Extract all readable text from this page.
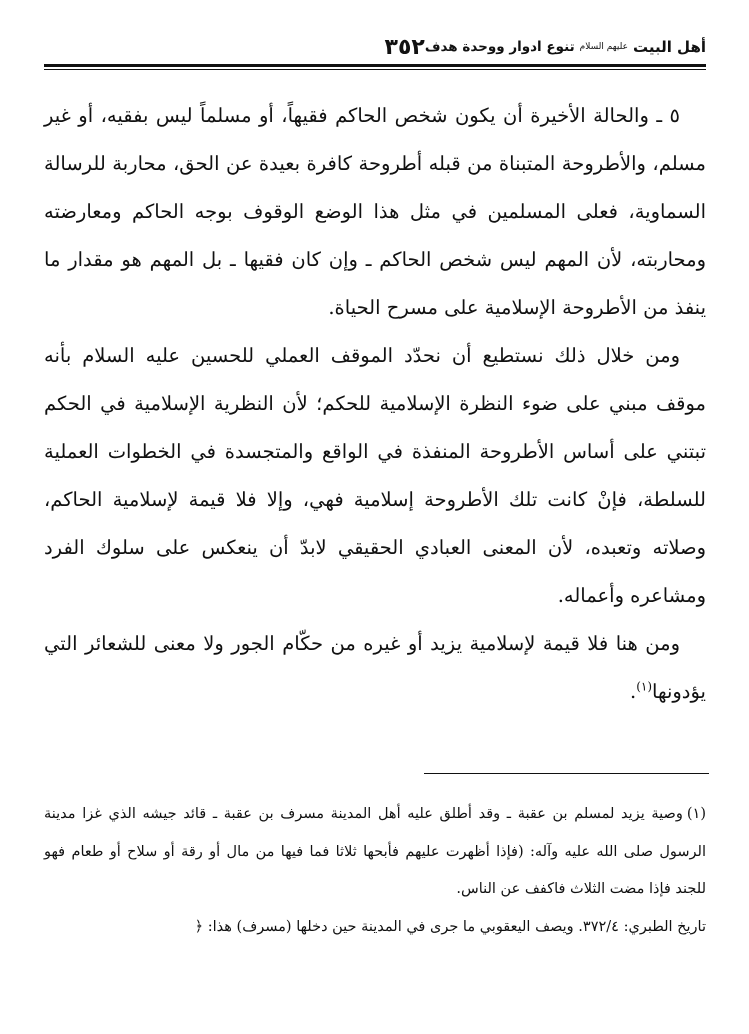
أهل البيت
عليهم السلام
تنوع ادوار ووحدة هدف
٣٥٢

٥ ـ والحالة الأخيرة أن يكون شخص الحاكم فقيهاً، أو مسلماً ليس بفقيه، أو غير مسلم، والأطروحة المتبناة من قبله أطروحة كافرة بعيدة عن الحق، محاربة للرسالة السماوية، فعلى المسلمين في مثل هذا الوضع الوقوف بوجه الحاكم ومعارضته ومحاربته، لأن المهم ليس شخص الحاكم ـ وإن كان فقيها ـ بل المهم هو مقدار ما ينفذ من الأطروحة الإسلامية على مسرح الحياة.

ومن خلال ذلك نستطيع أن نحدّد الموقف العملي للحسين عليه السلام بأنه موقف مبني على ضوء النظرة الإسلامية للحكم؛ لأن النظرية الإسلامية في الحكم تبتني على أساس الأطروحة المنفذة في الواقع والمتجسدة في الخطوات العملية للسلطة، فإنْ كانت تلك الأطروحة إسلامية فهي، وإلا فلا قيمة لإسلامية الحاكم، وصلاته وتعبده، لأن المعنى العبادي الحقيقي لابدّ أن ينعكس على سلوك الفرد ومشاعره وأعماله.

ومن هنا فلا قيمة لإسلامية يزيد أو غيره من حكّام الجور ولا معنى للشعائر التي يؤدونها$^{(١)}$.

(١)وصية يزيد لمسلم بن عقبة ـ وقد أطلق عليه أهل المدينة مسرف بن عقبة ـ قائد جيشه الذي غزا مدينة الرسول صلى الله عليه وآله: (فإذا أظهرت عليهم فأبحها ثلاثا فما فيها من مال أو رقة أو سلاح أو طعام فهو للجند فإذا مضت الثلاث فاكفف عن الناس.

تاريخ الطبري: ٣٧٢/٤. ويصف اليعقوبي ما جرى في المدينة حين دخلها (مسرف) هذا: ﴿
